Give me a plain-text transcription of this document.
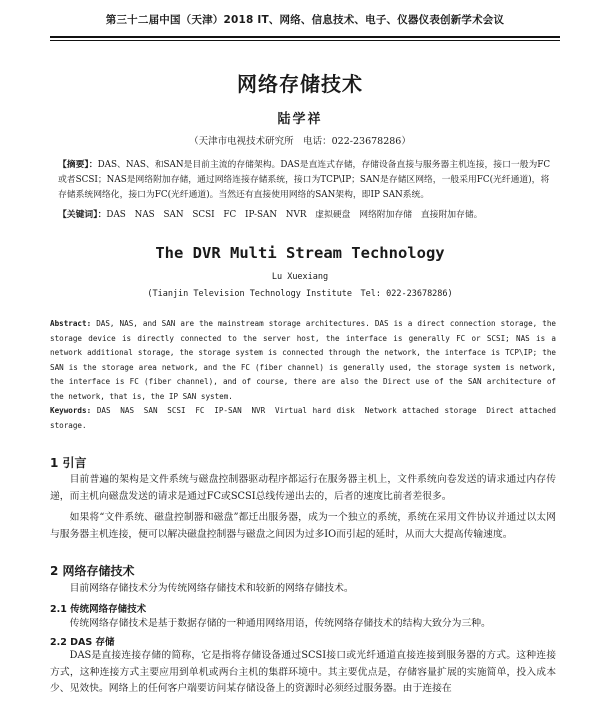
第三十二届中国（天津）2018 IT、网络、信息技术、电子、仪器仪表创新学术会议
网络存储技术
陆学祥
（天津市电视技术研究所　电话：022-23678286）
【摘要】：DAS、NAS、和SAN是目前主流的存储架构。DAS是直连式存储，存储设备直接与服务器主机连接，接口一般为FC或者SCSI；NAS是网络附加存储，通过网络连接存储系统，接口为TCP\IP；SAN是存储区网络，一般采用FC(光纤通道)，将存储系统网络化，接口为FC(光纤通道)。当然还有直接使用网络的SAN架构，即IP SAN系统。
【关键词】：DAS　NAS　SAN　SCSI　FC　IP-SAN　NVR　虚拟硬盘　网络附加存储　直接附加存储。
The DVR Multi Stream Technology
Lu Xuexiang
(Tianjin Television Technology Institute　Tel: 022-23678286)
Abstract: DAS, NAS, and SAN are the mainstream storage architectures. DAS is a direct connection storage, the storage device is directly connected to the server host, the interface is generally FC or SCSI; NAS is a network additional storage, the storage system is connected through the network, the interface is TCP\IP; the SAN is the storage area network, and the FC (fiber channel) is generally used, the storage system is network, the interface is FC (fiber channel), and of course, there are also the Direct use of the SAN architecture of the network, that is, the IP SAN system.
Keywords: DAS　NAS　SAN　SCSI　FC　IP-SAN　NVR　Virtual hard disk　Network attached storage　Direct attached storage.
1 引言
目前普遍的架构是文件系统与磁盘控制器驱动程序都运行在服务器主机上，文件系统向卷发送的请求通过内存传递，而主机向磁盘发送的请求是通过FC或SCSI总线传递出去的，后者的速度比前者差很多。
如果将“文件系统、磁盘控制器和磁盘”都迁出服务器，成为一个独立的系统，系统在采用文件协议并通过以太网与服务器主机连接，便可以解决磁盘控制器与磁盘之间因为过多IO而引起的延时，从而大大提高传输速度。
2 网络存储技术
目前网络存储技术分为传统网络存储技术和较新的网络存储技术。
2.1 传统网络存储技术
传统网络存储技术是基于数据存储的一种通用网络用语，传统网络存储技术的结构大致分为三种。
2.2 DAS 存储
DAS是直接连接存储的简称，它是指将存储设备通过SCSI接口或光纤通道直接连接到服务器的方式。这种连接方式，这种连接方式主要应用到单机或两台主机的集群环境中。其主要优点是，存储容量扩展的实施简单，投入成本少、见效快。网络上的任何客户端要访问某存储设备上的资源时必须经过服务器。由于连接在
